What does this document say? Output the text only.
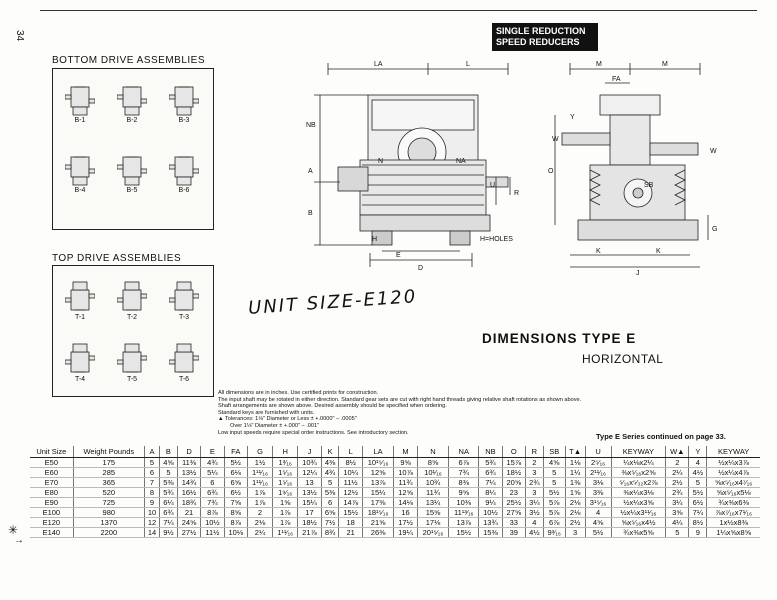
34	SINGLE REDUCTION
SPEED REDUCERS
BOTTOM DRIVE ASSEMBLIES
B-1	B-2	B-3
B-4	B-5	B-6
TOP DRIVE ASSEMBLIES
T-1	T-2	T-3
T-4	T-5	T-6
LA	L
NB
N	NA
A
B
H
E
D
U
R
H=HOLES
M	M
FA
O
Y
W
W
SB
K	K
G
J
UNIT SIZE-E120
DIMENSIONS TYPE E
HORIZONTAL
All dimensions are in inches. Use certified prints for construction.
The input shaft may be rotated in either direction. Standard gear sets are cut with right hand threads giving relative shaft rotations as shown above.
Shaft arrangements are shown above. Desired assembly should be specified when ordering.
Standard keys are furnished with units.
▲ Tolerances: 1⅛" Diameter or Less ± +.0000" – .0005"
Over 1⅛" Diameter ± +.000" – .001"
Low input speeds require special order instructions. See introductory section.	Type E Series continued on page 33.
Unit Size	Weight Pounds	A	B	D	E	FA	G	H	J	K	L	LA	M	N	NA	NB	O	R	SB	T▲	U	KEYWAY	W▲	Y	KEYWAY
E50	175	5	4⅝	11⅜	4¾	5½	1½	1³⁄₁₆	10¾	4⅜	8½	10¹⁵⁄₁₆	9⅝	8⅝	6⅞	5¾	15⅞	2	4⅝	1⅛	2⁵⁄₁₆	¼x⅛x2¼	2	4	½x¼x3⅞
E60	285	6	5	13½	5¼	6⅛	1¹¹⁄₁₆	1⁵⁄₁₆	12¼	4¾	10¼	12⅝	10⅞	10¹⁄₁₆	7¾	6¾	18½	3	5	1¼	2¹¹⁄₁₆	⅜x⁵⁄₁₆x2⅝	2¼	4½	½x¼x4⅞
E70	365	7	5⅜	14¾	6	6⅝	1¹¹⁄₁₆	1⁵⁄₁₆	13	5	11½	13⅞	11¾	10¾	8⅜	7¼	20⅝	2¾	5	1⅜	3⅛	⁵⁄₁₆x⁵⁄₃₂x2⅞	2½	5	⅝x⁵⁄₁₆x4⁷⁄₁₆
E80	520	8	5¾	16½	6¾	6½	1⅞	1⁹⁄₁₆	13½	5⅜	12½	15¼	12⅝	11¾	9⅝	8¼	23	3	5½	1⅝	3⅜	⅜x¼x3⅛	2¾	5½	⅝x⁵⁄₁₆x5⅛
E90	725	9	6¼	18¾	7¾	7⅝	1⅞	1⅝	15¼	6	14⅞	17⅜	14⅛	13¼	10⅜	9¼	25½	3¼	5⅞	2⅛	3¹⁵⁄₁₆	½x¼x3⅝	3¼	6½	¾x⅜x6⅜
E100	980	10	6¾	21	8⅞	8⅝	2	1⅞	17	6⅝	15½	18¹⁵⁄₁₆	16	15⅝	11¹³⁄₁₆	10½	27⅝	3½	5⅞	2⅛	4	½x¼x3¹¹⁄₁₆	3⅝	7¼	⅞x⁷⁄₁₆x7¹⁄₁₆
E120	1370	12	7¼	24⅝	10½	8⅞	2⅛	1⅞	18½	7½	18	21⅝	17½	17⅛	13⅞	13¾	33	4	6⅞	2½	4⅝	⅝x⁵⁄₁₆x4½	4¼	8½	1x½x8⅜
E140	2200	14	9½	27½	11½	10⅛	2¼	1¹¹⁄₁₆	21⅞	8¾	21	26⅜	19¼	20¹⁵⁄₁₆	15½	15⅜	39	4½	9³⁄₁₆	3	5½	¾x⅜x5⅝	5	9	1¼x⅝x8⅝
✳
→
